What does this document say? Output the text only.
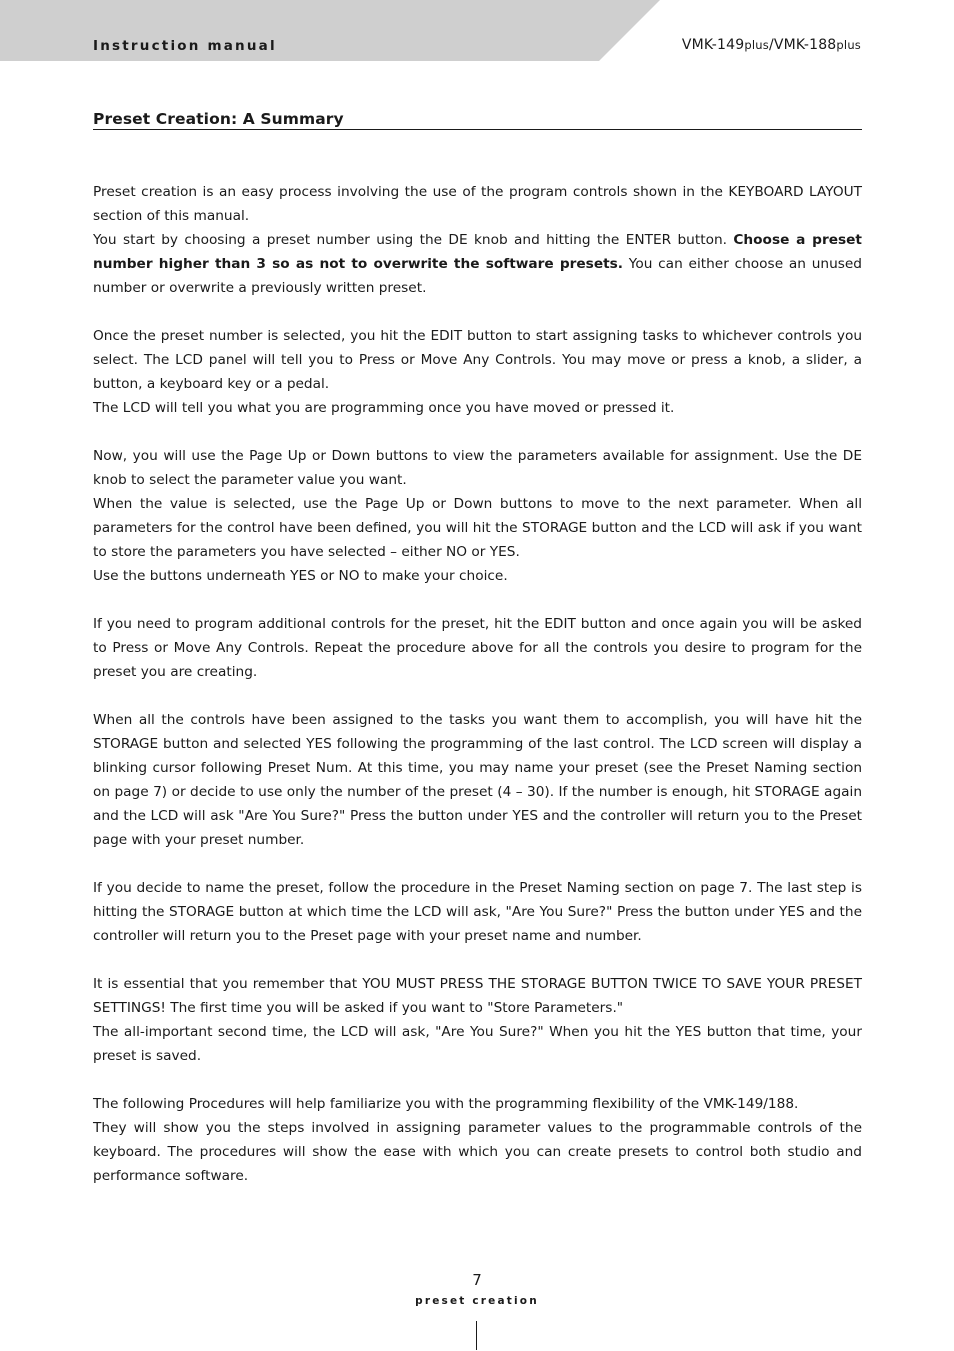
Instruction manual	VMK-149plus/VMK-188plus
Preset Creation: A Summary

Preset creation is an easy process involving the use of the program controls shown in the KEYBOARD LAYOUT section of this manual.

You start by choosing a preset number using the DE knob and hitting the ENTER button. Choose a preset number higher than 3 so as not to overwrite the software presets. You can either choose an unused number or overwrite a previously written preset.

Once the preset number is selected, you hit the EDIT button to start assigning tasks to whichever controls you select. The LCD panel will tell you to Press or Move Any Controls. You may move or press a knob, a slider, a button, a keyboard key or a pedal.

The LCD will tell you what you are programming once you have moved or pressed it.

Now, you will use the Page Up or Down buttons to view the parameters available for assignment. Use the DE knob to select the parameter value you want.

When the value is selected, use the Page Up or Down buttons to move to the next parameter. When all parameters for the control have been defined, you will hit the STORAGE button and the LCD will ask if you want to store the parameters you have selected – either NO or YES.

Use the buttons underneath YES or NO to make your choice.

If you need to program additional controls for the preset, hit the EDIT button and once again you will be asked to Press or Move Any Controls. Repeat the procedure above for all the controls you desire to program for the preset you are creating.

When all the controls have been assigned to the tasks you want them to accomplish, you will have hit the STORAGE button and selected YES following the programming of the last control. The LCD screen will display a blinking cursor following Preset Num. At this time, you may name your preset (see the Preset Naming section on page 7) or decide to use only the number of the preset (4 – 30). If the number is enough, hit STORAGE again and the LCD will ask "Are You Sure?" Press the button under YES and the controller will return you to the Preset page with your preset number.

If you decide to name the preset, follow the procedure in the Preset Naming section on page 7. The last step is hitting the STORAGE button at which time the LCD will ask, "Are You Sure?" Press the button under YES and the controller will return you to the Preset page with your preset name and number.

It is essential that you remember that YOU MUST PRESS THE STORAGE BUTTON TWICE TO SAVE YOUR PRESET SETTINGS! The first time you will be asked if you want to "Store Parameters."

The all-important second time, the LCD will ask, "Are You Sure?" When you hit the YES button that time, your preset is saved.

The following Procedures will help familiarize you with the programming flexibility of the VMK-149/188.

They will show you the steps involved in assigning parameter values to the programmable controls of the keyboard. The procedures will show the ease with which you can create presets to control both studio and performance software.

7
preset creation
